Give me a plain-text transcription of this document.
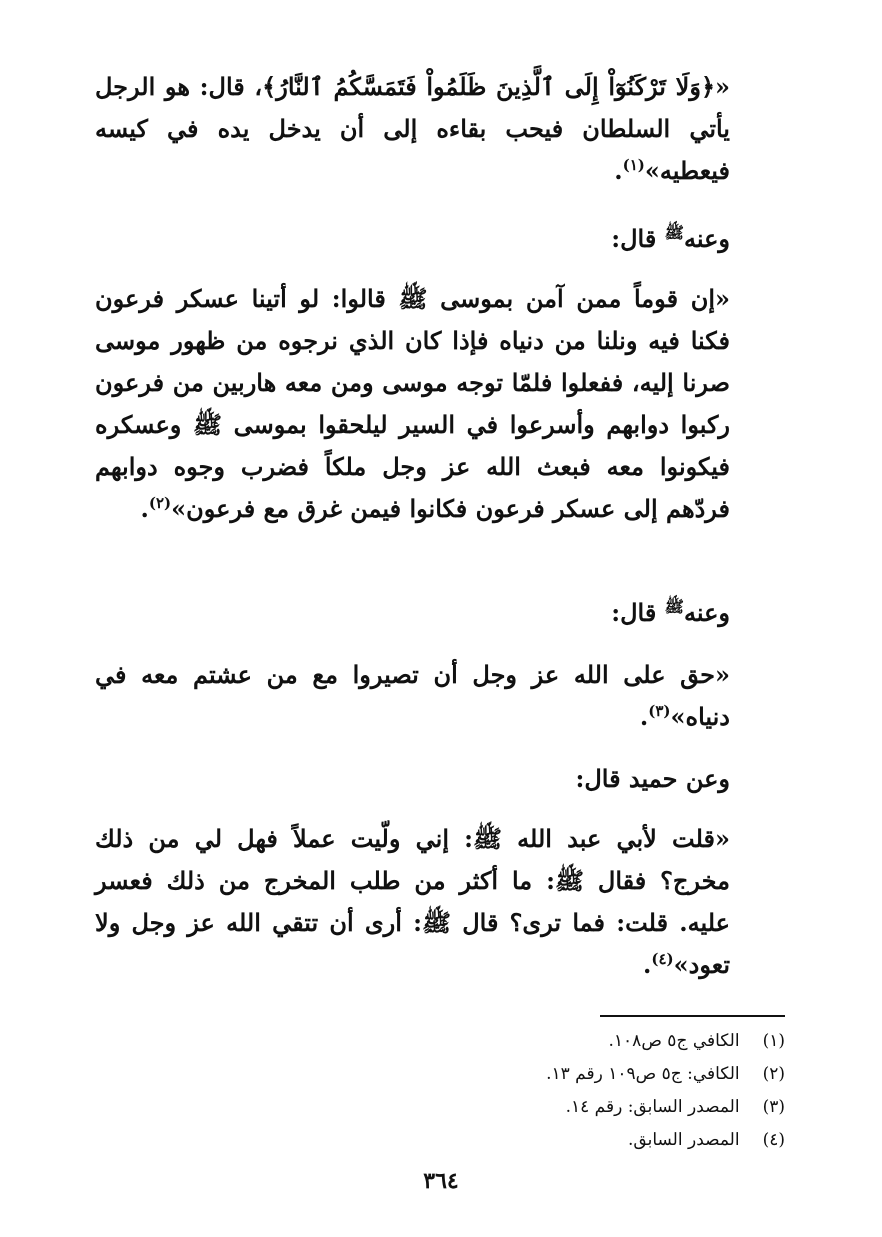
«﴿وَلَا تَرْكَنُوٓاْ إِلَى ٱلَّذِينَ ظَلَمُواْ فَتَمَسَّكُمُ ٱلنَّارُ﴾، قال: هو الرجل يأتي السلطان فيحب بقاءه إلى أن يدخل يده في كيسه فيعطيه»$^{(١)}$.
وعنه$^ﷺ$ قال:
«إن قوماً ممن آمن بموسى ﷺ قالوا: لو أتينا عسكر فرعون فكنا فيه ونلنا من دنياه فإذا كان الذي نرجوه من ظهور موسى صرنا إليه، ففعلوا فلمّا توجه موسى ومن معه هاربين من فرعون ركبوا دوابهم وأسرعوا في السير ليلحقوا بموسى ﷺ وعسكره فيكونوا معه فبعث الله عز وجل ملكاً فضرب وجوه دوابهم فردّهم إلى عسكر فرعون فكانوا فيمن غرق مع فرعون»$^{(٢)}$.
وعنه$^ﷺ$ قال:
«حق على الله عز وجل أن تصيروا مع من عشتم معه في دنياه»$^{(٣)}$.
وعن حميد قال:
«قلت لأبي عبد الله ﷺ: إني ولّيت عملاً فهل لي من ذلك مخرج؟ فقال ﷺ: ما أكثر من طلب المخرج من ذلك فعسر عليه. قلت: فما ترى؟ قال ﷺ: أرى أن تتقي الله عز وجل ولا تعود»$^{(٤)}$.
(١) الكافي ج٥ ص١٠٨.
(٢) الكافي: ج٥ ص١٠٩ رقم ١٣.
(٣) المصدر السابق: رقم ١٤.
(٤) المصدر السابق.
٣٦٤
